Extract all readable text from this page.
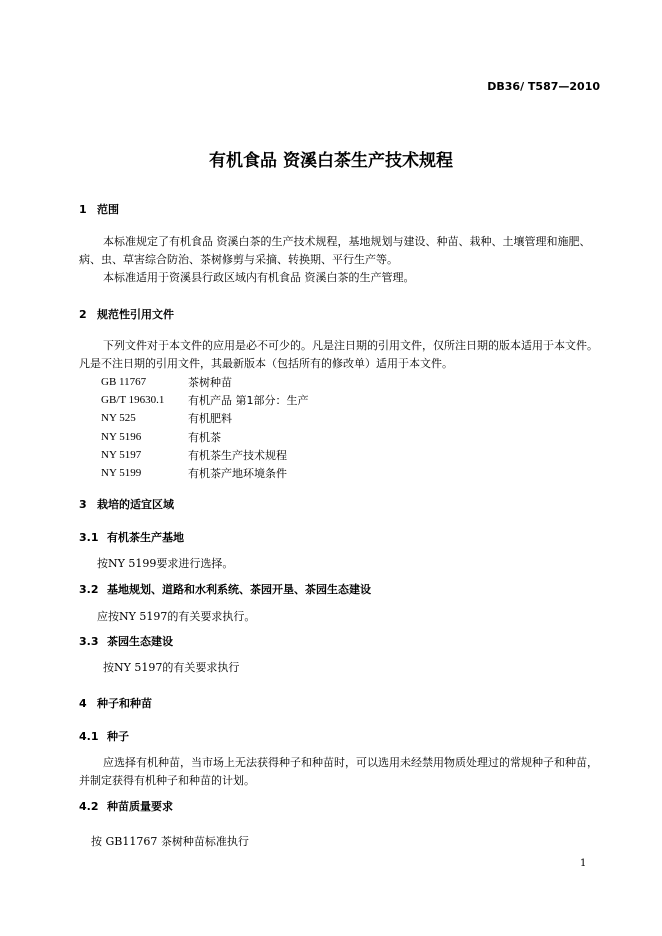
DB36/ T587—2010
有机食品 资溪白茶生产技术规程
1 范围
本标准规定了有机食品 资溪白茶的生产技术规程，基地规划与建设、种苗、栽种、土壤管理和施肥、病、虫、草害综合防治、茶树修剪与采摘、转换期、平行生产等。
本标准适用于资溪县行政区域内有机食品 资溪白茶的生产管理。
2 规范性引用文件
下列文件对于本文件的应用是必不可少的。凡是注日期的引用文件，仅所注日期的版本适用于本文件。凡是不注日期的引用文件，其最新版本（包括所有的修改单）适用于本文件。
GB 11767	茶树种苗
GB/T 19630.1	有机产品 第1部分：生产
NY 525	有机肥料
NY 5196	有机茶
NY 5197	有机茶生产技术规程
NY 5199	有机茶产地环境条件
3 栽培的适宜区域
3.1 有机茶生产基地
按NY 5199要求进行选择。
3.2 基地规划、道路和水利系统、茶园开垦、茶园生态建设
应按NY 5197的有关要求执行。
3.3 茶园生态建设
按NY 5197的有关要求执行
4 种子和种苗
4.1 种子
应选择有机种苗，当市场上无法获得种子和种苗时，可以选用未经禁用物质处理过的常规种子和种苗，并制定获得有机种子和种苗的计划。
4.2 种苗质量要求
按 GB11767 茶树种苗标准执行
1
